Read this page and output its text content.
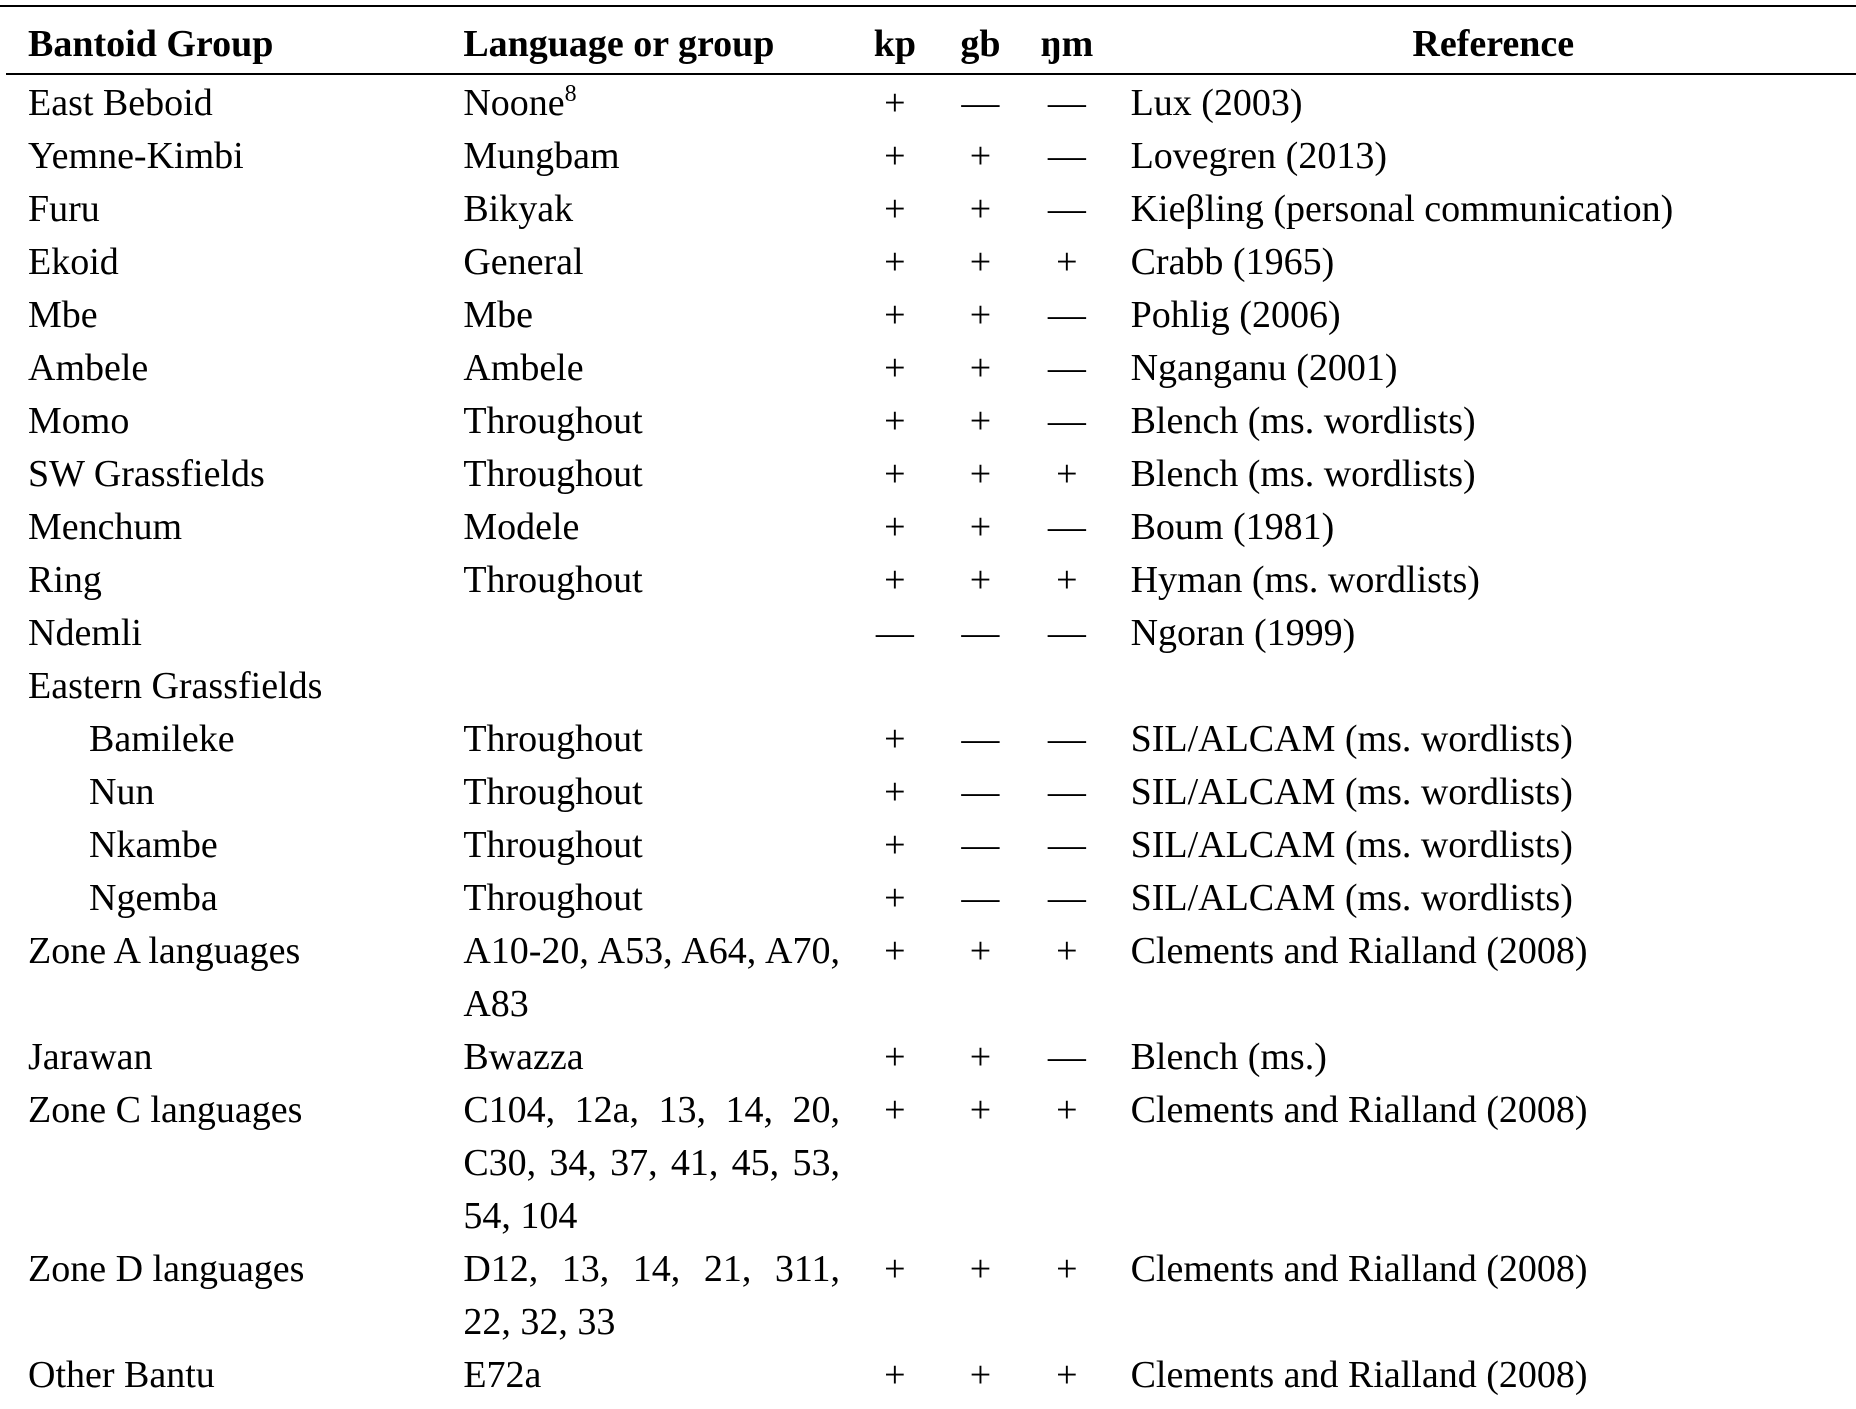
Bantoid Group	Language or group	kp	gb	ŋm	Reference
East Beboid	Noone$^8$	+	—	—	Lux (2003)
Yemne-Kimbi	Mungbam	+	+	—	Lovegren (2013)
Furu	Bikyak	+	+	—	Kieβling (personal communication)
Ekoid	General	+	+	+	Crabb (1965)
Mbe	Mbe	+	+	—	Pohlig (2006)
Ambele	Ambele	+	+	—	Nganganu (2001)
Momo	Throughout	+	+	—	Blench (ms. wordlists)
SW Grassfields	Throughout	+	+	+	Blench (ms. wordlists)
Menchum	Modele	+	+	—	Boum (1981)
Ring	Throughout	+	+	+	Hyman (ms. wordlists)
Ndemli		—	—	—	Ngoran (1999)
Eastern Grassfields					
Bamileke	Throughout	+	—	—	SIL/ALCAM (ms. wordlists)
Nun	Throughout	+	—	—	SIL/ALCAM (ms. wordlists)
Nkambe	Throughout	+	—	—	SIL/ALCAM (ms. wordlists)
Ngemba	Throughout	+	—	—	SIL/ALCAM (ms. wordlists)
Zone A languages	A10-20, A53, A64, A70, A83	+	+	+	Clements and Rialland (2008)
Jarawan	Bwazza	+	+	—	Blench (ms.)
Zone C languages	C104, 12a, 13, 14, 20, C30, 34, 37, 41, 45, 53, 54, 104	+	+	+	Clements and Rialland (2008)
Zone D languages	D12, 13, 14, 21, 311, 22, 32, 33	+	+	+	Clements and Rialland (2008)
Other Bantu	E72a	+	+	+	Clements and Rialland (2008)
